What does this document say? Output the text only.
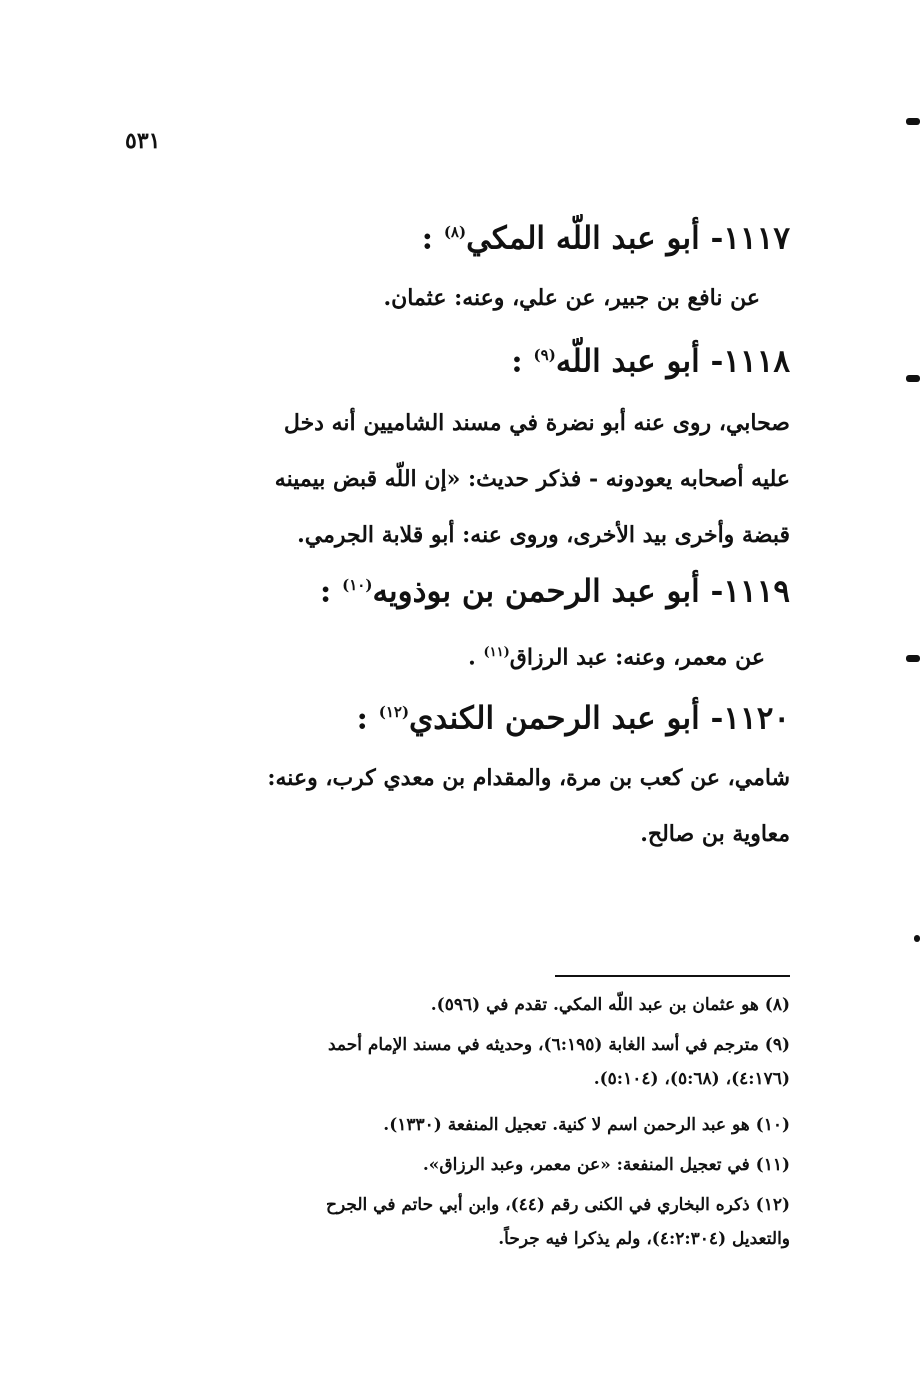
٥٣١
١١١٧- أبو عبد اللّه المكي$^{(٨)}$ :
عن نافع بن جبير، عن علي، وعنه: عثمان.
١١١٨- أبو عبد اللّه$^{(٩)}$ :
صحابي، روى عنه أبو نضرة في مسند الشاميين أنه دخل
عليه أصحابه يعودونه - فذكر حديث: «إن اللّه قبض بيمينه
قبضة وأخرى بيد الأخرى، وروى عنه: أبو قلابة الجرمي.
١١١٩- أبو عبد الرحمن بن بوذويه$^{(١٠)}$ :
عن معمر، وعنه: عبد الرزاق$^{(١١)}$ .
١١٢٠- أبو عبد الرحمن الكندي$^{(١٢)}$ :
شامي، عن كعب بن مرة، والمقدام بن معدي كرب، وعنه:
معاوية بن صالح.
(٨) هو عثمان بن عبد اللّه المكي. تقدم في (٥٩٦).
(٩) مترجم في أسد الغابة (٦:١٩٥)، وحديثه في مسند الإمام أحمد
(٤:١٧٦)، (٥:٦٨)، (٥:١٠٤).
(١٠) هو عبد الرحمن اسم لا كنية. تعجيل المنفعة (١٣٣٠).
(١١) في تعجيل المنفعة: «عن معمر، وعبد الرزاق».
(١٢) ذكره البخاري في الكنى رقم (٤٤)، وابن أبي حاتم في الجرح
والتعديل (٤:٢:٣٠٤)، ولم يذكرا فيه جرحاً.
